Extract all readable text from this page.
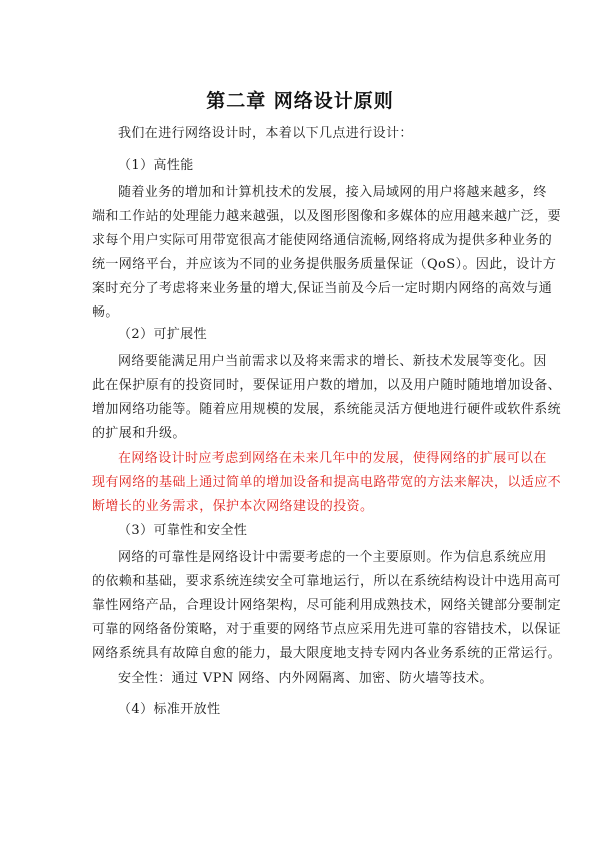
第二章 网络设计原则
我们在进行网络设计时，本着以下几点进行设计：
（1）高性能
随着业务的增加和计算机技术的发展，接入局域网的用户将越来越多，终
端和工作站的处理能力越来越强，以及图形图像和多媒体的应用越来越广泛，要
求每个用户实际可用带宽很高才能使网络通信流畅,网络将成为提供多种业务的
统一网络平台，并应该为不同的业务提供服务质量保证（QoS）。因此，设计方
案时充分了考虑将来业务量的增大,保证当前及今后一定时期内网络的高效与通
畅。
（2）可扩展性
网络要能满足用户当前需求以及将来需求的增长、新技术发展等变化。因
此在保护原有的投资同时，要保证用户数的增加，以及用户随时随地增加设备、
增加网络功能等。随着应用规模的发展，系统能灵活方便地进行硬件或软件系统
的扩展和升级。
在网络设计时应考虑到网络在未来几年中的发展，使得网络的扩展可以在
现有网络的基础上通过简单的增加设备和提高电路带宽的方法来解决，以适应不
断增长的业务需求，保护本次网络建设的投资。
（3）可靠性和安全性
网络的可靠性是网络设计中需要考虑的一个主要原则。作为信息系统应用
的依赖和基础，要求系统连续安全可靠地运行，所以在系统结构设计中选用高可
靠性网络产品，合理设计网络架构，尽可能利用成熟技术，网络关键部分要制定
可靠的网络备份策略，对于重要的网络节点应采用先进可靠的容错技术，以保证
网络系统具有故障自愈的能力，最大限度地支持专网内各业务系统的正常运行。
安全性：通过 VPN 网络、内外网隔离、加密、防火墙等技术。
（4）标准开放性
